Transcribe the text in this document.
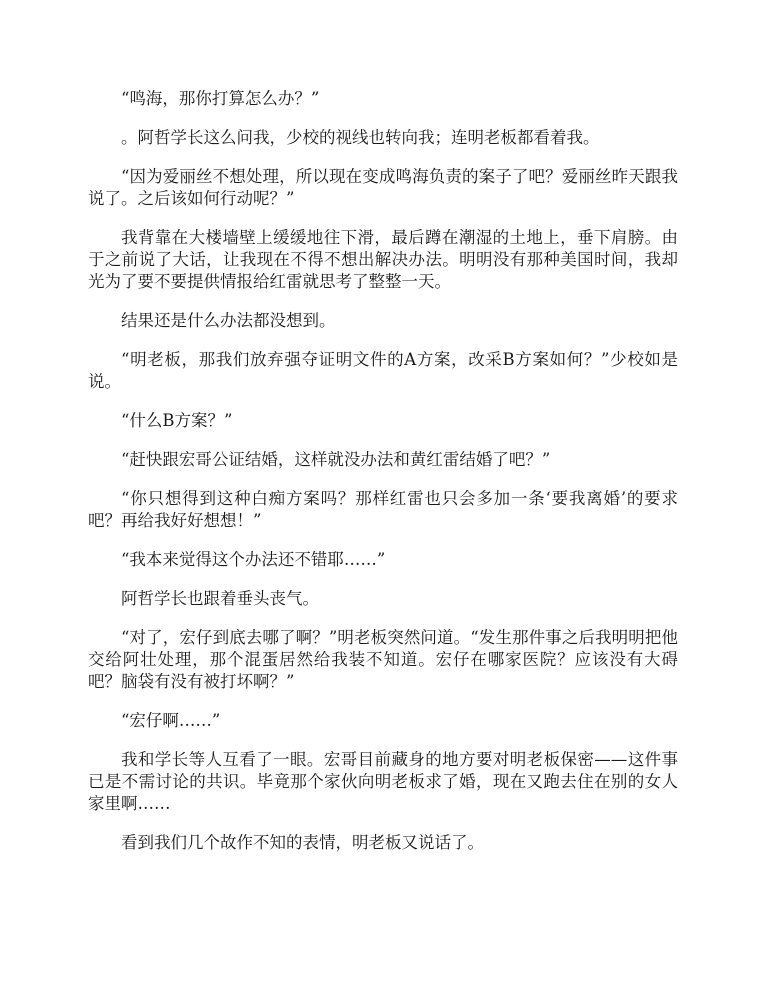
“鸣海，那你打算怎么办？”

。阿哲学长这么问我，少校的视线也转向我；连明老板都看着我。

“因为爱丽丝不想处理，所以现在变成鸣海负责的案子了吧？爱丽丝昨天跟我说了。之后该如何行动呢？”

我背靠在大楼墙壁上缓缓地往下滑，最后蹲在潮湿的土地上，垂下肩膀。由于之前说了大话，让我现在不得不想出解决办法。明明没有那种美国时间，我却光为了要不要提供情报给红雷就思考了整整一天。

结果还是什么办法都没想到。

“明老板，那我们放弃强夺证明文件的A方案，改采B方案如何？”少校如是说。

“什么B方案？”

“赶快跟宏哥公证结婚，这样就没办法和黄红雷结婚了吧？”

“你只想得到这种白痴方案吗？那样红雷也只会多加一条‘要我离婚’的要求吧？再给我好好想想！”

“我本来觉得这个办法还不错耶……”

阿哲学长也跟着垂头丧气。

“对了，宏仔到底去哪了啊？”明老板突然问道。“发生那件事之后我明明把他交给阿壮处理，那个混蛋居然给我装不知道。宏仔在哪家医院？应该没有大碍吧？脑袋有没有被打坏啊？”

“宏仔啊……”

我和学长等人互看了一眼。宏哥目前藏身的地方要对明老板保密——这件事已是不需讨论的共识。毕竟那个家伙向明老板求了婚，现在又跑去住在别的女人家里啊……

看到我们几个故作不知的表情，明老板又说话了。
